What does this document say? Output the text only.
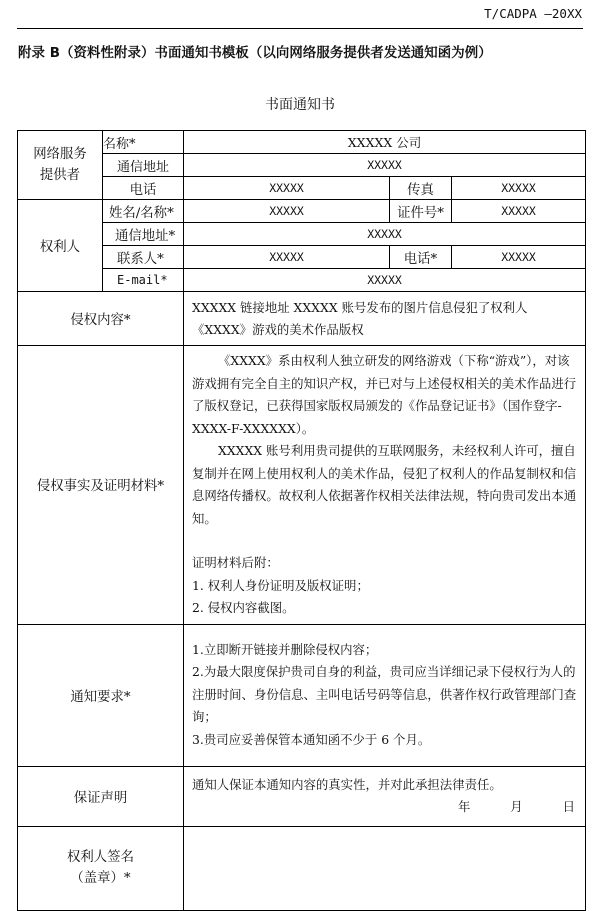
T/CADPA —20XX
附录 B（资料性附录）书面通知书模板（以向网络服务提供者发送通知函为例）
书面通知书
网络服务提供者	名称*	XXXXX 公司		
	通信地址	XXXXX		
	电话	XXXXX	传真	XXXXX
权利人	姓名/名称*	XXXXX	证件号*	XXXXX
	通信地址*	XXXXX		
	联系人*	XXXXX	电话*	XXXXX
	E-mail*	XXXXX		
侵权内容*		XXXXX 链接地址 XXXXX 账号发布的图片信息侵犯了权利人

《XXXX》游戏的美术作品版权		

侵权事实及证明材料*		《XXXX》系由权利人独立研发的网络游戏（下称“游戏”），对该游戏拥有完全自主的知识产权，并已对与上述侵权相关的美术作品进行了版权登记，已获得国家版权局颁发的《作品登记证书》（国作登字-XXXX-F-XXXXXX）。

XXXXX 账号利用贵司提供的互联网服务，未经权利人许可，擅自复制并在网上使用权利人的美术作品，侵犯了权利人的作品复制权和信息网络传播权。故权利人依据著作权相关法律法规，特向贵司发出本通知。

证明材料后附：

1. 权利人身份证明及版权证明；

2. 侵权内容截图。		

通知要求*		1.立即断开链接并删除侵权内容；

2.为最大限度保护贵司自身的利益，贵司应当详细记录下侵权行为人的注册时间、身份信息、主叫电话号码等信息，供著作权行政管理部门查询；

3.贵司应妥善保管本通知函不少于 6 个月。		

保证声明		通知人保证本通知内容的真实性，并对此承担法律责任。

年 月 日		

权利人签名
（盖章）*				
